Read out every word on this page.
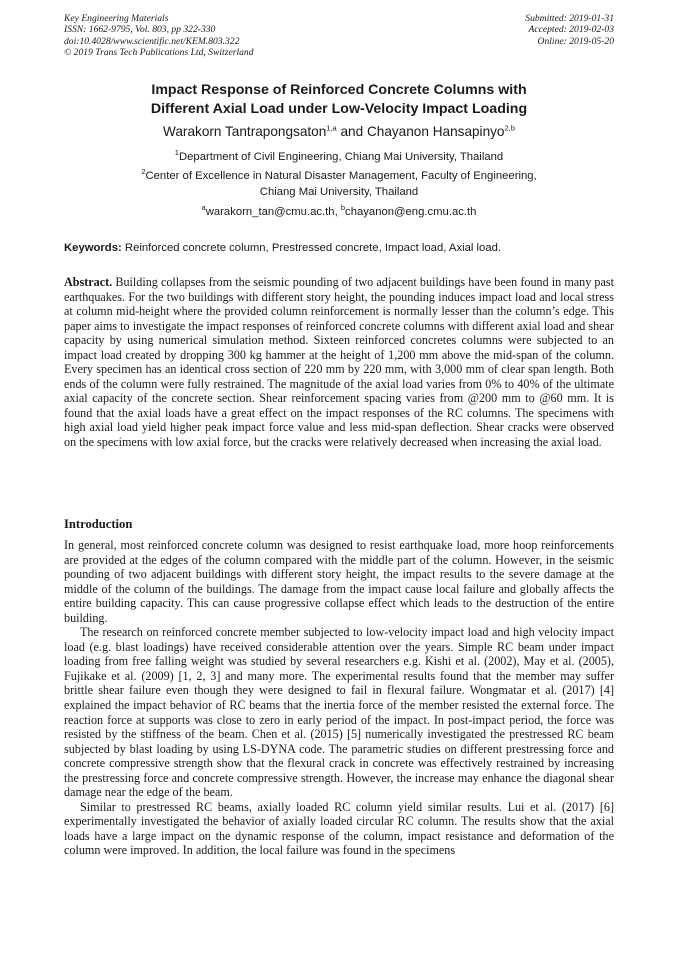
Key Engineering Materials
ISSN: 1662-9795, Vol. 803, pp 322-330
doi:10.4028/www.scientific.net/KEM.803.322
© 2019 Trans Tech Publications Ltd, Switzerland
Submitted: 2019-01-31
Accepted: 2019-02-03
Online: 2019-05-20
Impact Response of Reinforced Concrete Columns with
Different Axial Load under Low-Velocity Impact Loading
Warakorn Tantrapongsaton$^{1,a}$ and Chayanon Hansapinyo$^{2,b}$
$^1$Department of Civil Engineering, Chiang Mai University, Thailand
$^2$Center of Excellence in Natural Disaster Management, Faculty of Engineering,
Chiang Mai University, Thailand
$^a$warakorn_tan@cmu.ac.th, $^b$chayanon@eng.cmu.ac.th
Keywords: Reinforced concrete column, Prestressed concrete, Impact load, Axial load.
Abstract. Building collapses from the seismic pounding of two adjacent buildings have been found in many past earthquakes. For the two buildings with different story height, the pounding induces impact load and local stress at column mid-height where the provided column reinforcement is normally lesser than the column’s edge. This paper aims to investigate the impact responses of reinforced concrete columns with different axial load and shear capacity by using numerical simulation method. Sixteen reinforced concretes columns were subjected to an impact load created by dropping 300 kg hammer at the height of 1,200 mm above the mid-span of the column. Every specimen has an identical cross section of 220 mm by 220 mm, with 3,000 mm of clear span length. Both ends of the column were fully restrained. The magnitude of the axial load varies from 0% to 40% of the ultimate axial capacity of the concrete section. Shear reinforcement spacing varies from @200 mm to @60 mm. It is found that the axial loads have a great effect on the impact responses of the RC columns. The specimens with high axial load yield higher peak impact force value and less mid-span deflection. Shear cracks were observed on the specimens with low axial force, but the cracks were relatively decreased when increasing the axial load.
Introduction

In general, most reinforced concrete column was designed to resist earthquake load, more hoop reinforcements are provided at the edges of the column compared with the middle part of the column. However, in the seismic pounding of two adjacent buildings with different story height, the impact results to the severe damage at the middle of the column of the buildings. The damage from the impact cause local failure and globally affects the entire building capacity. This can cause progressive collapse effect which leads to the destruction of the entire building.

The research on reinforced concrete member subjected to low-velocity impact load and high velocity impact load (e.g. blast loadings) have received considerable attention over the years. Simple RC beam under impact loading from free falling weight was studied by several researchers e.g. Kishi et al. (2002), May et al. (2005), Fujikake et al. (2009) [1, 2, 3] and many more. The experimental results found that the member may suffer brittle shear failure even though they were designed to fail in flexural failure. Wongmatar et al. (2017) [4] explained the impact behavior of RC beams that the inertia force of the member resisted the external force. The reaction force at supports was close to zero in early period of the impact. In post-impact period, the force was resisted by the stiffness of the beam. Chen et al. (2015) [5] numerically investigated the prestressed RC beam subjected by blast loading by using LS-DYNA code. The parametric studies on different prestressing force and concrete compressive strength show that the flexural crack in concrete was effectively restrained by increasing the prestressing force and concrete compressive strength. However, the increase may enhance the diagonal shear damage near the edge of the beam.

Similar to prestressed RC beams, axially loaded RC column yield similar results. Lui et al. (2017) [6] experimentally investigated the behavior of axially loaded circular RC column. The results show that the axial loads have a large impact on the dynamic response of the column, impact resistance and deformation of the column were improved. In addition, the local failure was found in the specimens
